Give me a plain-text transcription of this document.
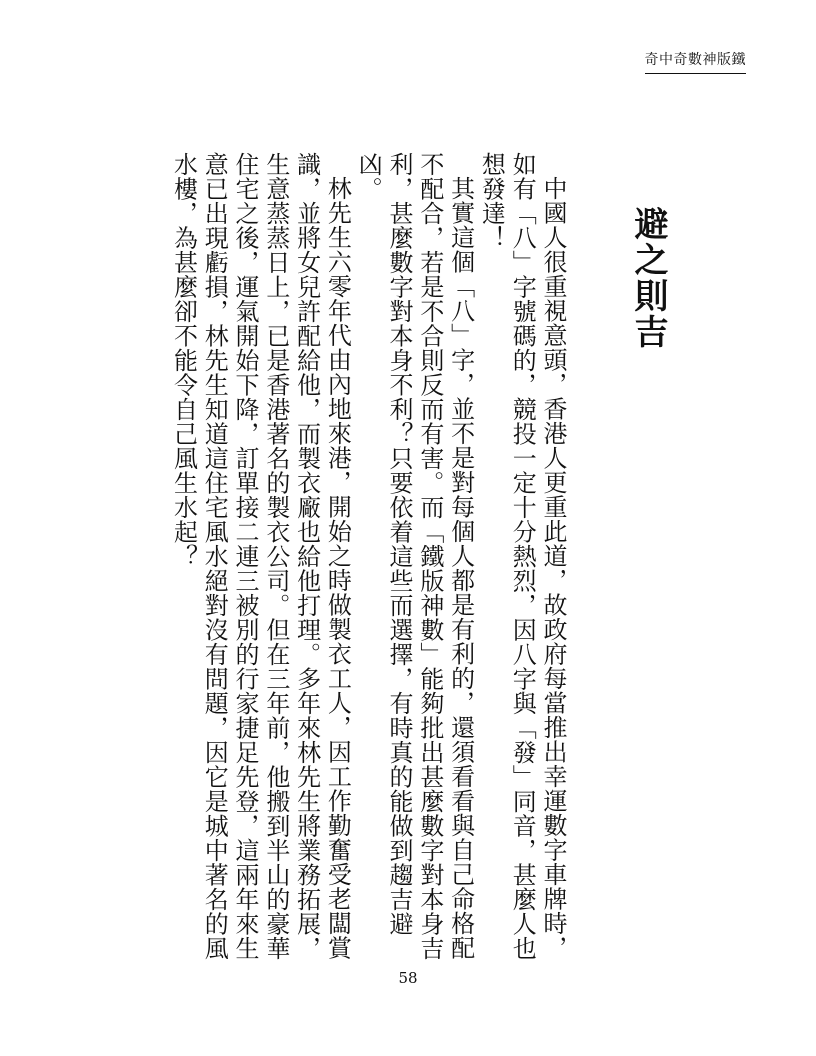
奇中奇數神版鐵
避之則吉

中國人很重視意頭，香港人更重此道，故政府每當推出幸運數字車牌時，如有「八」字號碼的，競投一定十分熱烈，因八字與「發」同音，甚麼人也想發達！

其實這個「八」字，並不是對每個人都是有利的，還須看看與自己命格配不配合，若是不合則反而有害。而「鐵版神數」能夠批出甚麼數字對本身吉利，甚麼數字對本身不利？只要依着這些而選擇，有時真的能做到趨吉避凶。

林先生六零年代由內地來港，開始之時做製衣工人，因工作勤奮受老闆賞識，並將女兒許配給他，而製衣廠也給他打理。多年來林先生將業務拓展，生意蒸蒸日上，已是香港著名的製衣公司。但在三年前，他搬到半山的豪華住宅之後，運氣開始下降，訂單接二連三被別的行家捷足先登，這兩年來生意已出現虧損，林先生知道這住宅風水絕對沒有問題，因它是城中著名的風水樓，為甚麼卻不能令自己風生水起？

58
